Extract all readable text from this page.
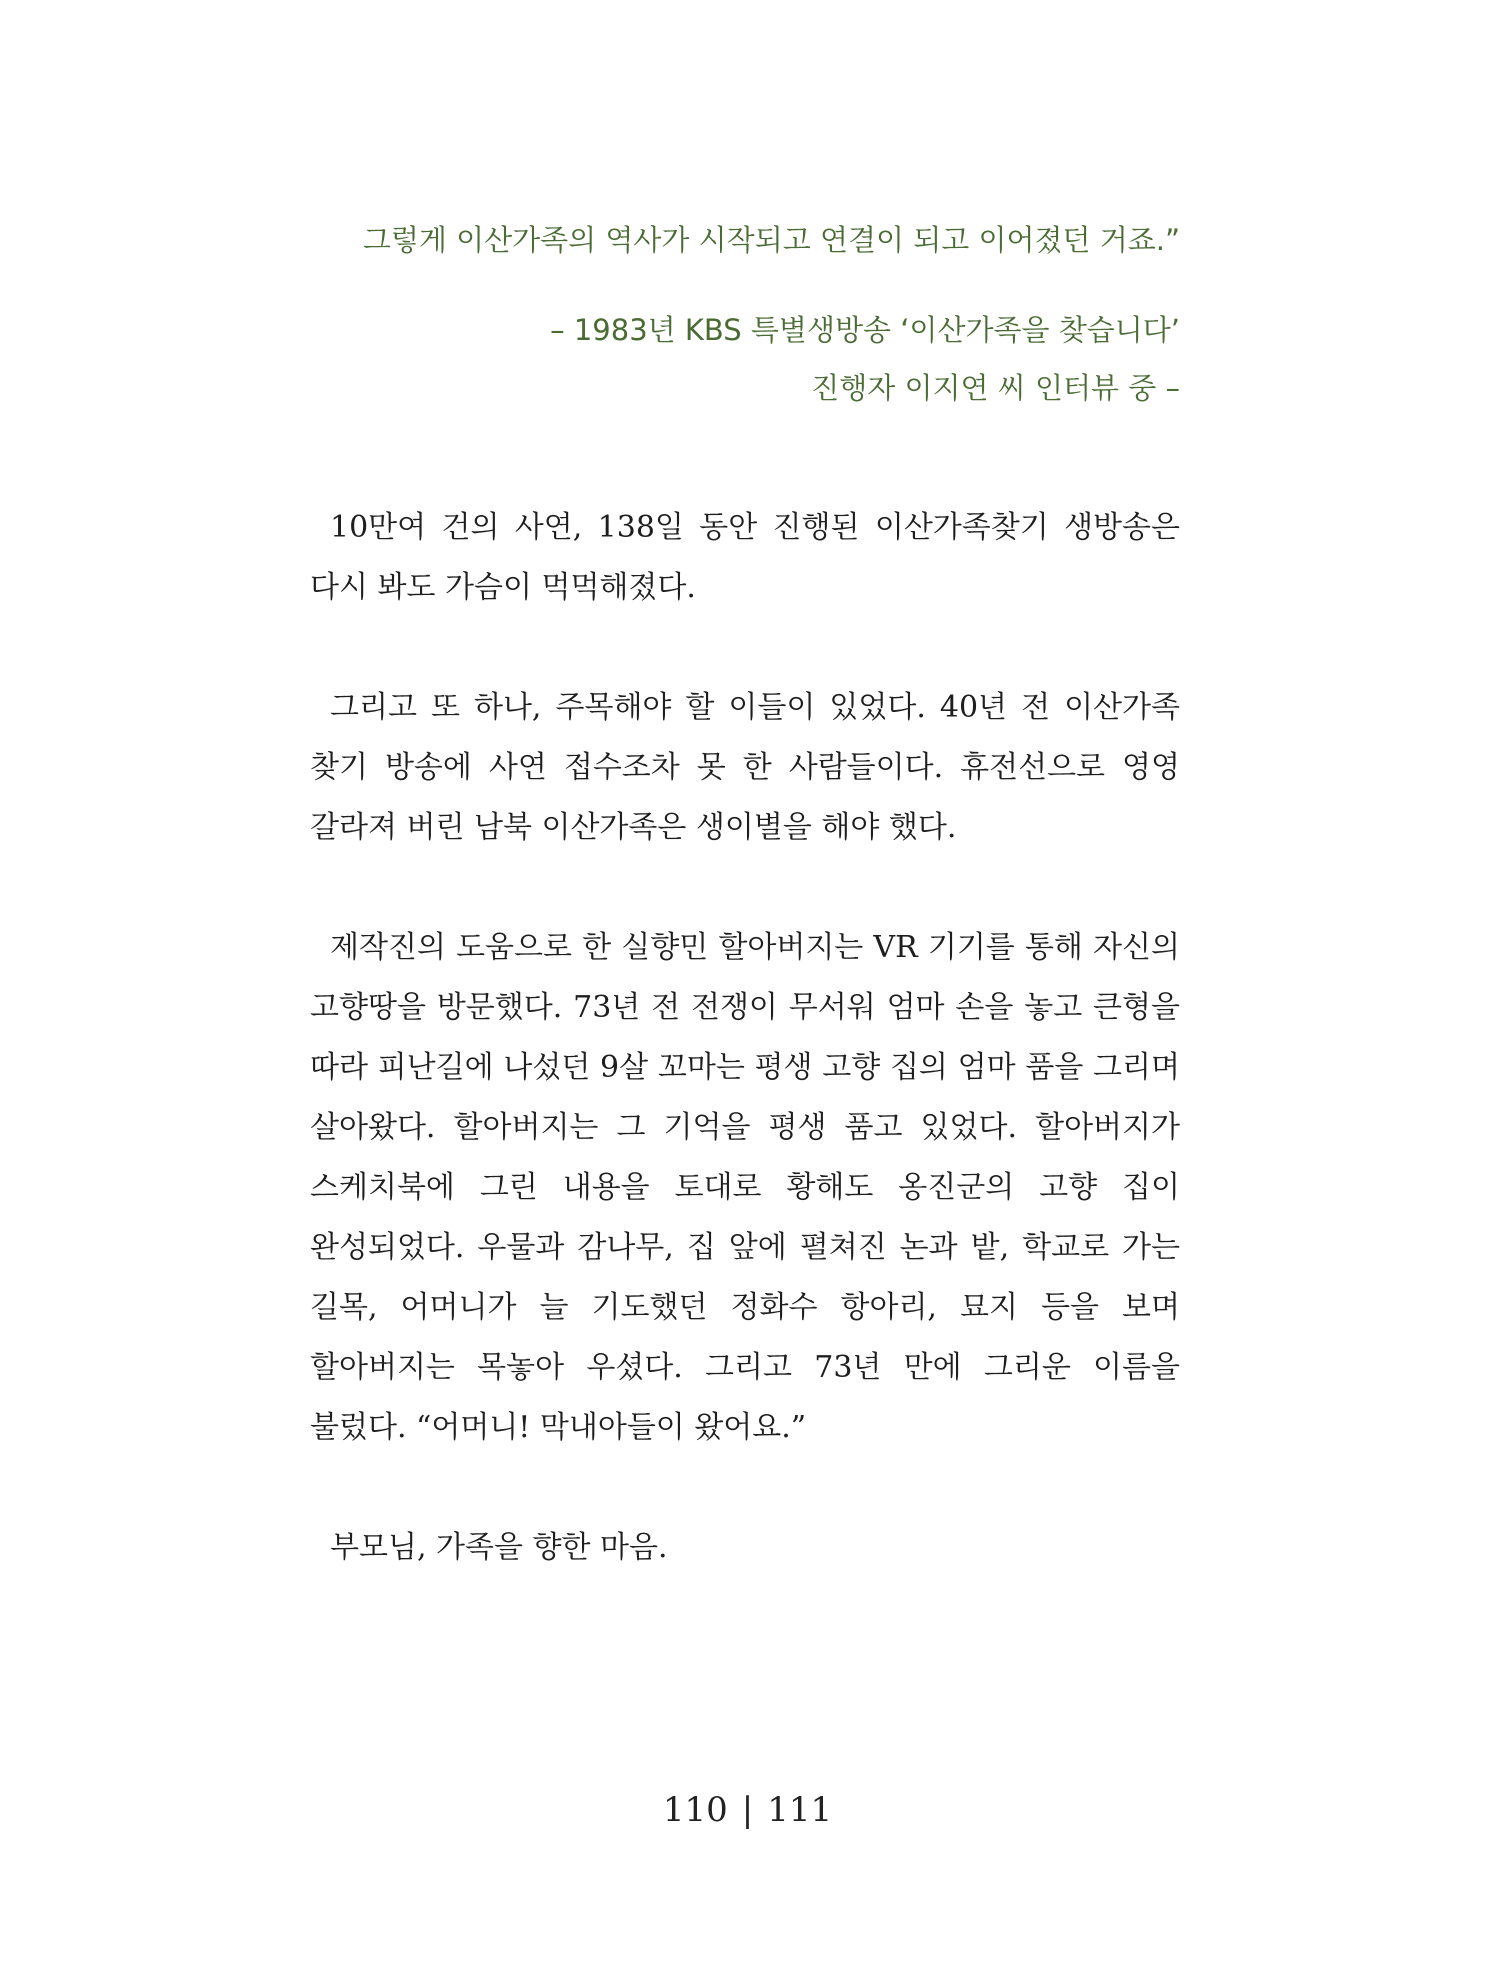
그렇게 이산가족의 역사가 시작되고 연결이 되고 이어졌던 거죠.”

– 1983년 KBS 특별생방송 ‘이산가족을 찾습니다’

진행자 이지연 씨 인터뷰 중 –

10만여 건의 사연, 138일 동안 진행된 이산가족찾기 생방송은 다시 봐도 가슴이 먹먹해졌다.

그리고 또 하나, 주목해야 할 이들이 있었다. 40년 전 이산가족 찾기 방송에 사연 접수조차 못 한 사람들이다. 휴전선으로 영영 갈라져 버린 남북 이산가족은 생이별을 해야 했다.

제작진의 도움으로 한 실향민 할아버지는 VR 기기를 통해 자신의 고향땅을 방문했다. 73년 전 전쟁이 무서워 엄마 손을 놓고 큰형을 따라 피난길에 나섰던 9살 꼬마는 평생 고향 집의 엄마 품을 그리며 살아왔다. 할아버지는 그 기억을 평생 품고 있었다. 할아버지가 스케치북에 그린 내용을 토대로 황해도 옹진군의 고향 집이 완성되었다. 우물과 감나무, 집 앞에 펼쳐진 논과 밭, 학교로 가는 길목, 어머니가 늘 기도했던 정화수 항아리, 묘지 등을 보며 할아버지는 목놓아 우셨다. 그리고 73년 만에 그리운 이름을 불렀다. “어머니! 막내아들이 왔어요.”

부모님, 가족을 향한 마음.

110 | 111
